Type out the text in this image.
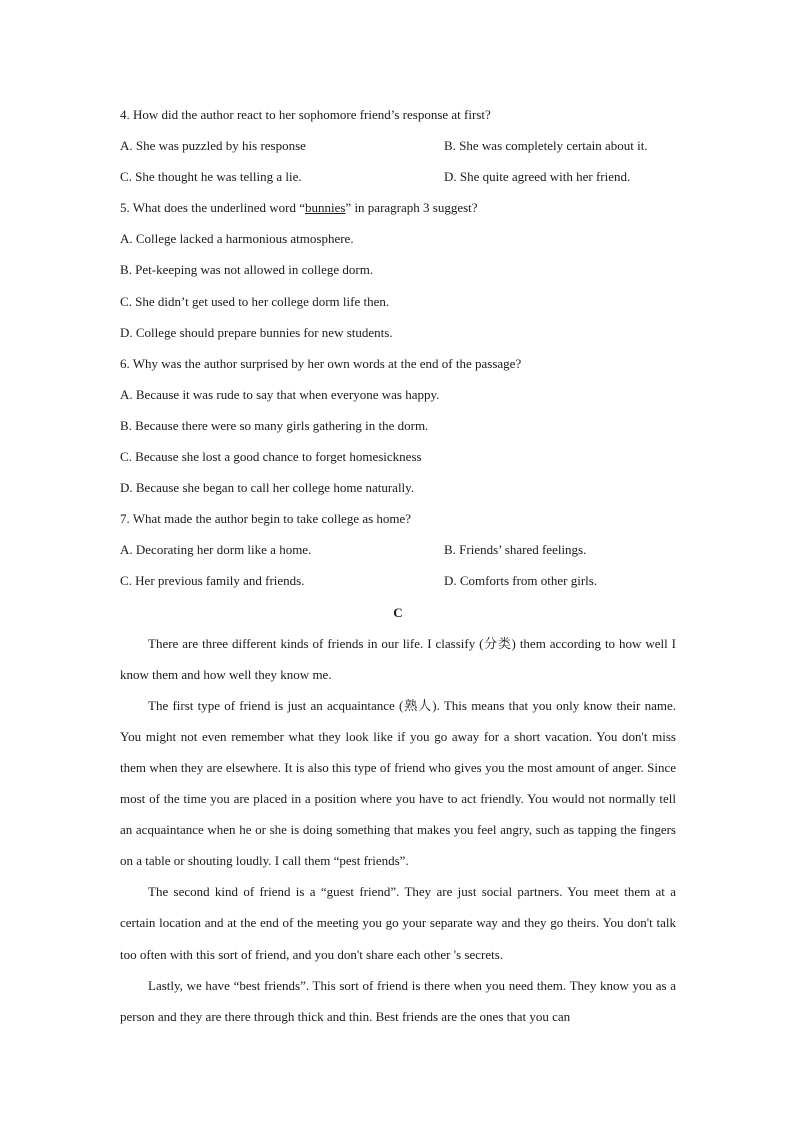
4. How did the author react to her sophomore friend’s response at first?
A. She was puzzled by his response	B. She was completely certain about it.
C. She thought he was telling a lie.	D. She quite agreed with her friend.
5. What does the underlined word “bunnies” in paragraph 3 suggest?
A. College lacked a harmonious atmosphere.
B. Pet-keeping was not allowed in college dorm.
C. She didn’t get used to her college dorm life then.
D. College should prepare bunnies for new students.
6. Why was the author surprised by her own words at the end of the passage?
A. Because it was rude to say that when everyone was happy.
B. Because there were so many girls gathering in the dorm.
C. Because she lost a good chance to forget homesickness
D. Because she began to call her college home naturally.
7. What made the author begin to take college as home?
A. Decorating her dorm like a home.	B. Friends’ shared feelings.
C. Her previous family and friends.	D. Comforts from other girls.
C

There are three different kinds of friends in our life. I classify (分类) them according to how well I know them and how well they know me.

The first type of friend is just an acquaintance (熟人). This means that you only know their name. You might not even remember what they look like if you go away for a short vacation. You don't miss them when they are elsewhere. It is also this type of friend who gives you the most amount of anger. Since most of the time you are placed in a position where you have to act friendly. You would not normally tell an acquaintance when he or she is doing something that makes you feel angry, such as tapping the fingers on a table or shouting loudly. I call them “pest friends”.

The second kind of friend is a “guest friend”. They are just social partners. You meet them at a certain location and at the end of the meeting you go your separate way and they go theirs. You don't talk too often with this sort of friend, and you don't share each other 's secrets.

Lastly, we have “best friends”. This sort of friend is there when you need them. They know you as a person and they are there through thick and thin. Best friends are the ones that you can
